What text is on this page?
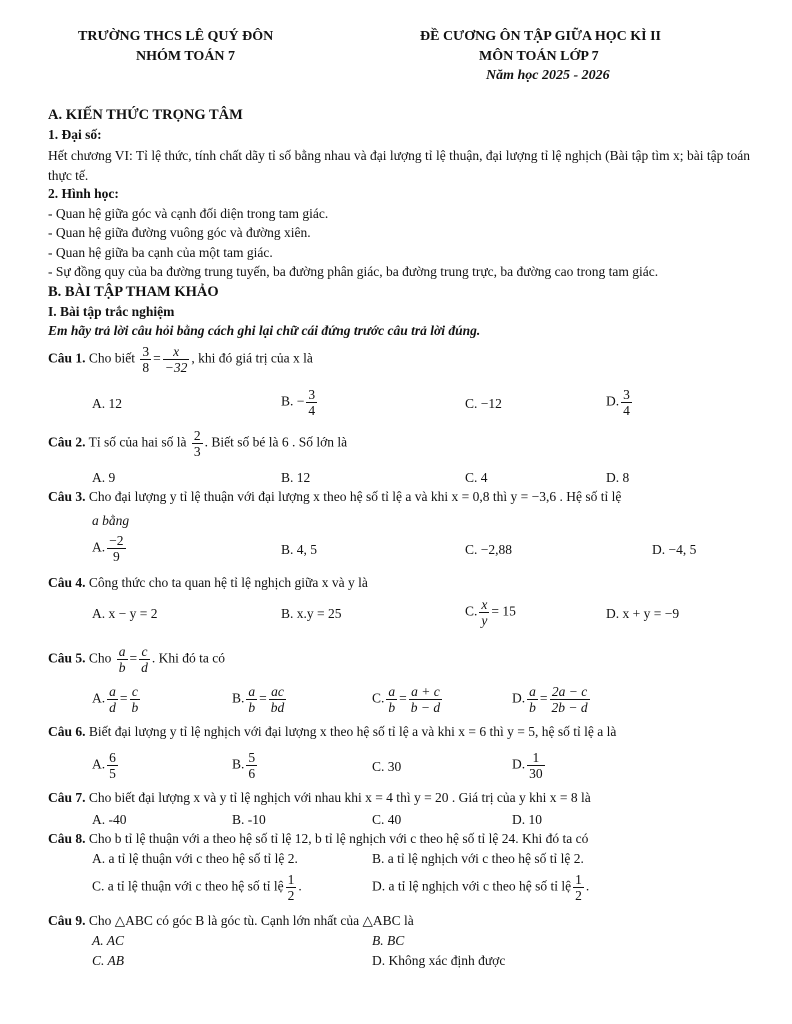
TRƯỜNG THCS LÊ QUÝ ĐÔN
NHÓM TOÁN 7
ĐỀ CƯƠNG ÔN TẬP GIỮA HỌC KÌ II
MÔN TOÁN LỚP 7
Năm học 2025 - 2026
A. KIẾN THỨC TRỌNG TÂM
1. Đại số:
Hết chương VI: Tỉ lệ thức, tính chất dãy tỉ số bằng nhau và đại lượng tỉ lệ thuận, đại lượng tỉ lệ nghịch (Bài tập tìm x; bài tập toán thực tế.
2. Hình học:
- Quan hệ giữa góc và cạnh đối diện trong tam giác.
- Quan hệ giữa đường vuông góc và đường xiên.
- Quan hệ giữa ba cạnh của một tam giác.
- Sự đồng quy của ba đường trung tuyến, ba đường phân giác, ba đường trung trực, ba đường cao trong tam giác.
B. BÀI TẬP THAM KHẢO
I. Bài tập trắc nghiệm
Em hãy trả lời câu hỏi bằng cách ghi lại chữ cái đứng trước câu trả lời đúng.
Câu 1. Cho biết $\frac{3}{8} = \frac{x}{-32}$ , khi đó giá trị của x là
A. 12	B. − $\frac{3}{4}$	C. −12	D. $\frac{3}{4}$
Câu 2. Tỉ số của hai số là $\frac{2}{3}$ . Biết số bé là 6 . Số lớn là
A. 9	B. 12	C. 4	D. 8
Câu 3. Cho đại lượng y tỉ lệ thuận với đại lượng x theo hệ số tỉ lệ a và khi x = 0,8 thì y = −3,6 . Hệ số tỉ lệ
a bằng
A. $\frac{-2}{9}$	B. 4, 5	C. −2,88	D. −4, 5
Câu 4. Công thức cho ta quan hệ tỉ lệ nghịch giữa x và y là
A. x − y = 2	B. x.y = 25	C. $\frac{x}{y} = 15$	D. x + y = −9
Câu 5. Cho $\frac{a}{b} = \frac{c}{d}$ . Khi đó ta có
A. $\frac{a}{d} = \frac{c}{b}$	B. $\frac{a}{b} = \frac{ac}{bd}$	C. $\frac{a}{b} = \frac{a + c}{b - d}$	D. $\frac{a}{b} = \frac{2a - c}{2b - d}$
Câu 6. Biết đại lượng y tỉ lệ nghịch với đại lượng x theo hệ số tỉ lệ a và khi x = 6 thì y = 5, hệ số tỉ lệ a là
A. $\frac{6}{5}$	B. $\frac{5}{6}$	C. 30	D. $\frac{1}{30}$
Câu 7. Cho biết đại lượng x và y tỉ lệ nghịch với nhau khi x = 4 thì y = 20 . Giá trị của y khi x = 8 là
A. -40	B. -10	C. 40	D. 10
Câu 8. Cho b tỉ lệ thuận với a theo hệ số tỉ lệ 12, b tỉ lệ nghịch với c theo hệ số tỉ lệ 24. Khi đó ta có
A. a tỉ lệ thuận với c theo hệ số tỉ lệ 2.	B. a tỉ lệ nghịch với c theo hệ số tỉ lệ 2.
C. a tỉ lệ thuận với c theo hệ số tỉ lệ $\frac{1}{2}$ .	D. a tỉ lệ nghịch với c theo hệ số tỉ lệ $\frac{1}{2}$ .
Câu 9. Cho △ABC có góc B là góc tù. Cạnh lớn nhất của △ABC là
A. AC	B. BC
C. AB	D. Không xác định được
